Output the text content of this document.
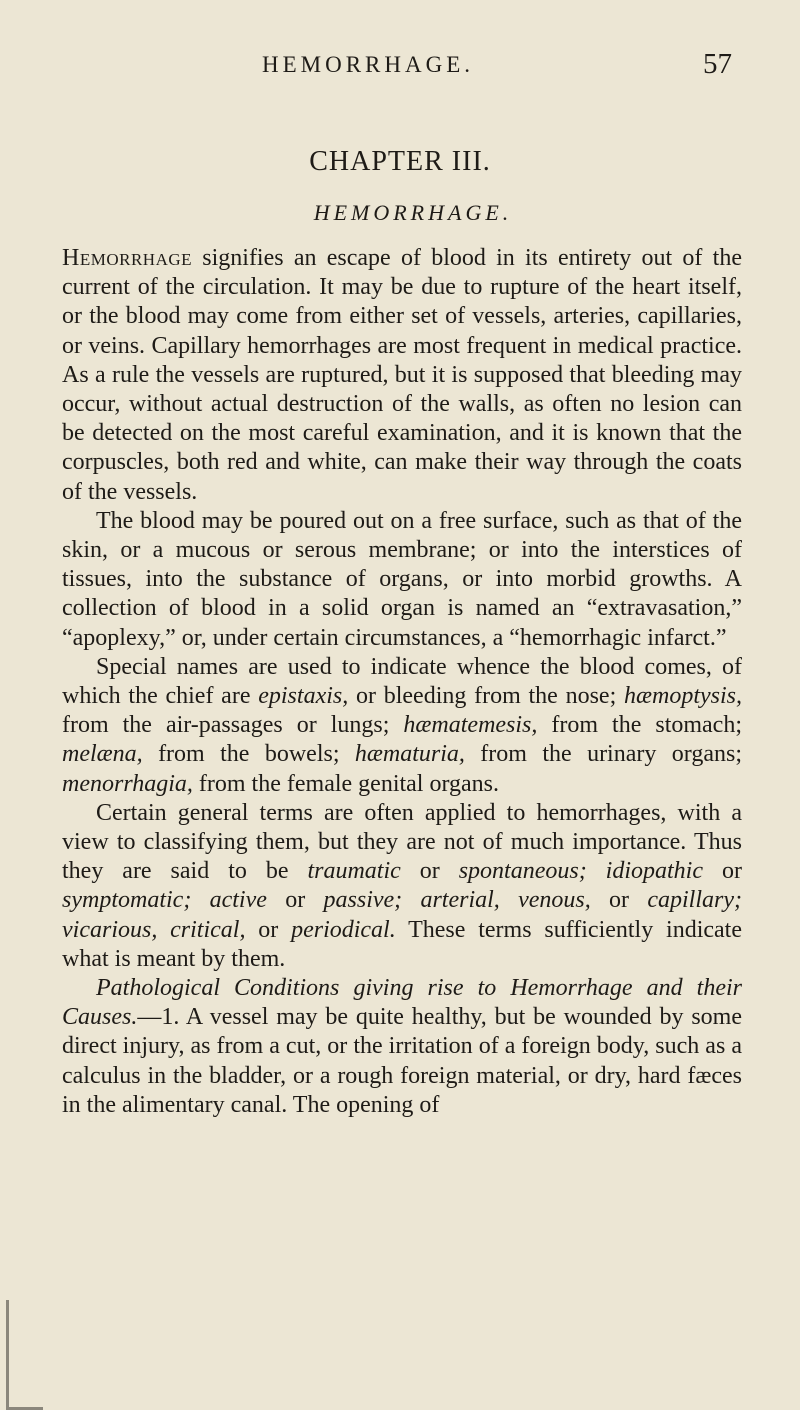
HEMORRHAGE.	57
CHAPTER III.
HEMORRHAGE.

Hemorrhage signifies an escape of blood in its entirety out of the current of the circulation. It may be due to rupture of the heart itself, or the blood may come from either set of vessels, arteries, capillaries, or veins. Capillary hemorrhages are most frequent in medical practice. As a rule the vessels are ruptured, but it is supposed that bleeding may occur, without actual destruction of the walls, as often no lesion can be detected on the most careful examination, and it is known that the corpuscles, both red and white, can make their way through the coats of the vessels.

The blood may be poured out on a free surface, such as that of the skin, or a mucous or serous membrane; or into the interstices of tissues, into the substance of organs, or into morbid growths. A collection of blood in a solid organ is named an “extravasation,” “apoplexy,” or, under certain circumstances, a “hemorrhagic infarct.”

Special names are used to indicate whence the blood comes, of which the chief are epistaxis, or bleeding from the nose; hæmoptysis, from the air-passages or lungs; hæmatemesis, from the stomach; melæna, from the bowels; hæmaturia, from the urinary organs; menorrhagia, from the female genital organs.

Certain general terms are often applied to hemorrhages, with a view to classifying them, but they are not of much importance. Thus they are said to be traumatic or spontaneous; idiopathic or symptomatic; active or passive; arterial, venous, or capillary; vicarious, critical, or periodical. These terms sufficiently indicate what is meant by them.

Pathological Conditions giving rise to Hemorrhage and their Causes.—1. A vessel may be quite healthy, but be wounded by some direct injury, as from a cut, or the irritation of a foreign body, such as a calculus in the bladder, or a rough foreign material, or dry, hard fæces in the alimentary canal. The opening of
